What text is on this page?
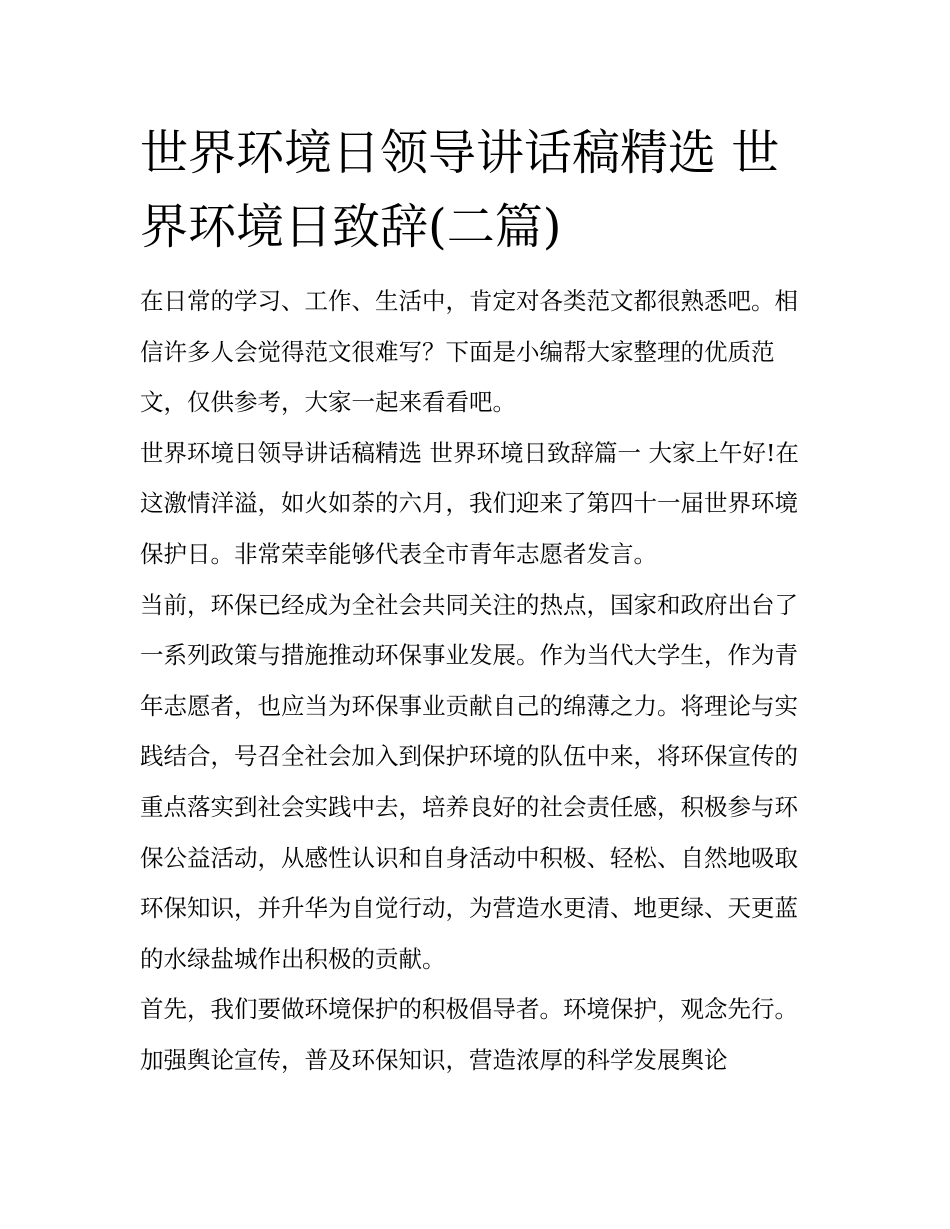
世界环境日领导讲话稿精选 世界环境日致辞(二篇)

在日常的学习、工作、生活中，肯定对各类范文都很熟悉吧。相信许多人会觉得范文很难写？下面是小编帮大家整理的优质范文，仅供参考，大家一起来看看吧。

世界环境日领导讲话稿精选 世界环境日致辞篇一 大家上午好!在这激情洋溢，如火如荼的六月，我们迎来了第四十一届世界环境保护日。非常荣幸能够代表全市青年志愿者发言。

当前，环保已经成为全社会共同关注的热点，国家和政府出台了一系列政策与措施推动环保事业发展。作为当代大学生，作为青年志愿者，也应当为环保事业贡献自己的绵薄之力。将理论与实践结合，号召全社会加入到保护环境的队伍中来，将环保宣传的重点落实到社会实践中去，培养良好的社会责任感，积极参与环保公益活动，从感性认识和自身活动中积极、轻松、自然地吸取环保知识，并升华为自觉行动，为营造水更清、地更绿、天更蓝的水绿盐城作出积极的贡献。

首先，我们要做环境保护的积极倡导者。环境保护，观念先行。加强舆论宣传，普及环保知识，营造浓厚的科学发展舆论
